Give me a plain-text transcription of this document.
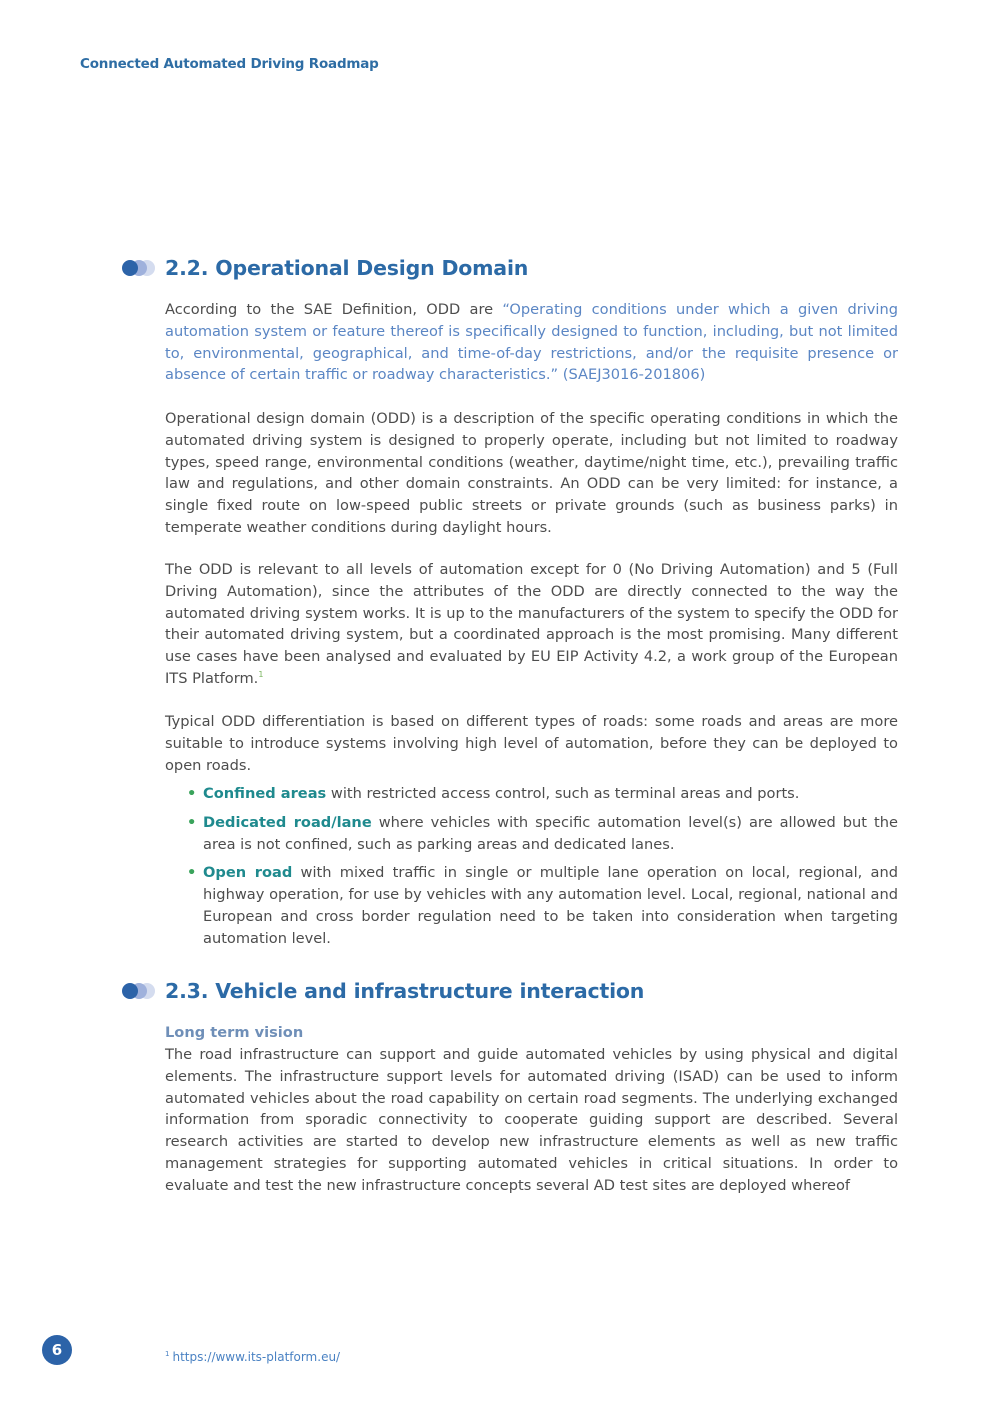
Connected Automated Driving Roadmap
2.2. Operational Design Domain

According to the SAE Definition, ODD are “Operating conditions under which a given driving automation system or feature thereof is specifically designed to function, including, but not limited to, environmental, geographical, and time-of-day restrictions, and/or the requisite presence or absence of certain traffic or roadway characteristics.” (SAEJ3016-201806)

Operational design domain (ODD) is a description of the specific operating conditions in which the automated driving system is designed to properly operate, including but not limited to roadway types, speed range, environmental conditions (weather, daytime/night time, etc.), prevailing traffic law and regulations, and other domain constraints. An ODD can be very limited: for instance, a single fixed route on low-speed public streets or private grounds (such as business parks) in temperate weather conditions during daylight hours.

The ODD is relevant to all levels of automation except for 0 (No Driving Automation) and 5 (Full Driving Automation), since the attributes of the ODD are directly connected to the way the automated driving system works. It is up to the manufacturers of the system to specify the ODD for their automated driving system, but a coordinated approach is the most promising. Many different use cases have been analysed and evaluated by EU EIP Activity 4.2, a work group of the European ITS Platform.$^1$

Typical ODD differentiation is based on different types of roads: some roads and areas are more suitable to introduce systems involving high level of automation, before they can be deployed to open roads.

• Confined areas with restricted access control, such as terminal areas and ports.
• Dedicated road/lane where vehicles with specific automation level(s) are allowed but the area is not confined, such as parking areas and dedicated lanes.
• Open road with mixed traffic in single or multiple lane operation on local, regional, and highway operation, for use by vehicles with any automation level. Local, regional, national and European and cross border regulation need to be taken into consideration when targeting automation level.
2.3. Vehicle and infrastructure interaction
Long term vision

The road infrastructure can support and guide automated vehicles by using physical and digital elements. The infrastructure support levels for automated driving (ISAD) can be used to inform automated vehicles about the road capability on certain road segments. The underlying exchanged information from sporadic connectivity to cooperate guiding support are described. Several research activities are started to develop new infrastructure elements as well as new traffic management strategies for supporting automated vehicles in critical situations. In order to evaluate and test the new infrastructure concepts several AD test sites are deployed whereof

6	$^1$ https://www.its-platform.eu/
